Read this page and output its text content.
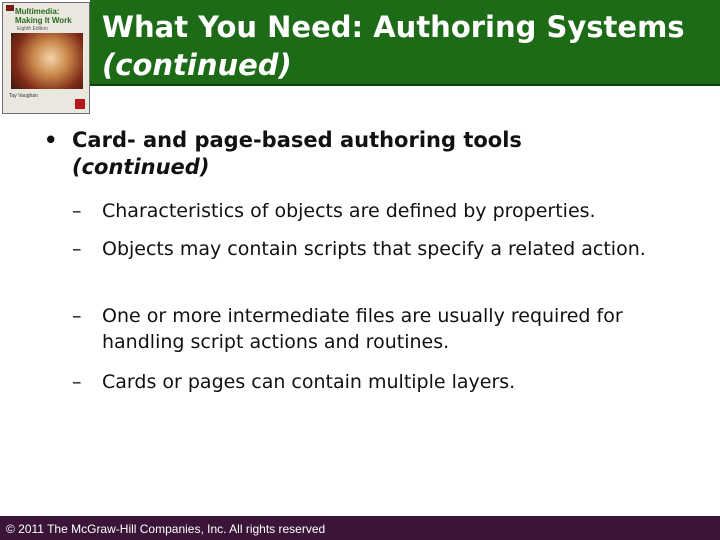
What You Need: Authoring Systems
(continued)
Multimedia: Making It Work
Eighth Edition
Tay Vaughan
• Card- and page-based authoring tools
(continued)
– Characteristics of objects are defined by properties.
– Objects may contain scripts that specify a related action.
– One or more intermediate files are usually required for handling script actions and routines.
– Cards or pages can contain multiple layers.
© 2011 The McGraw-Hill Companies, Inc. All rights reserved
